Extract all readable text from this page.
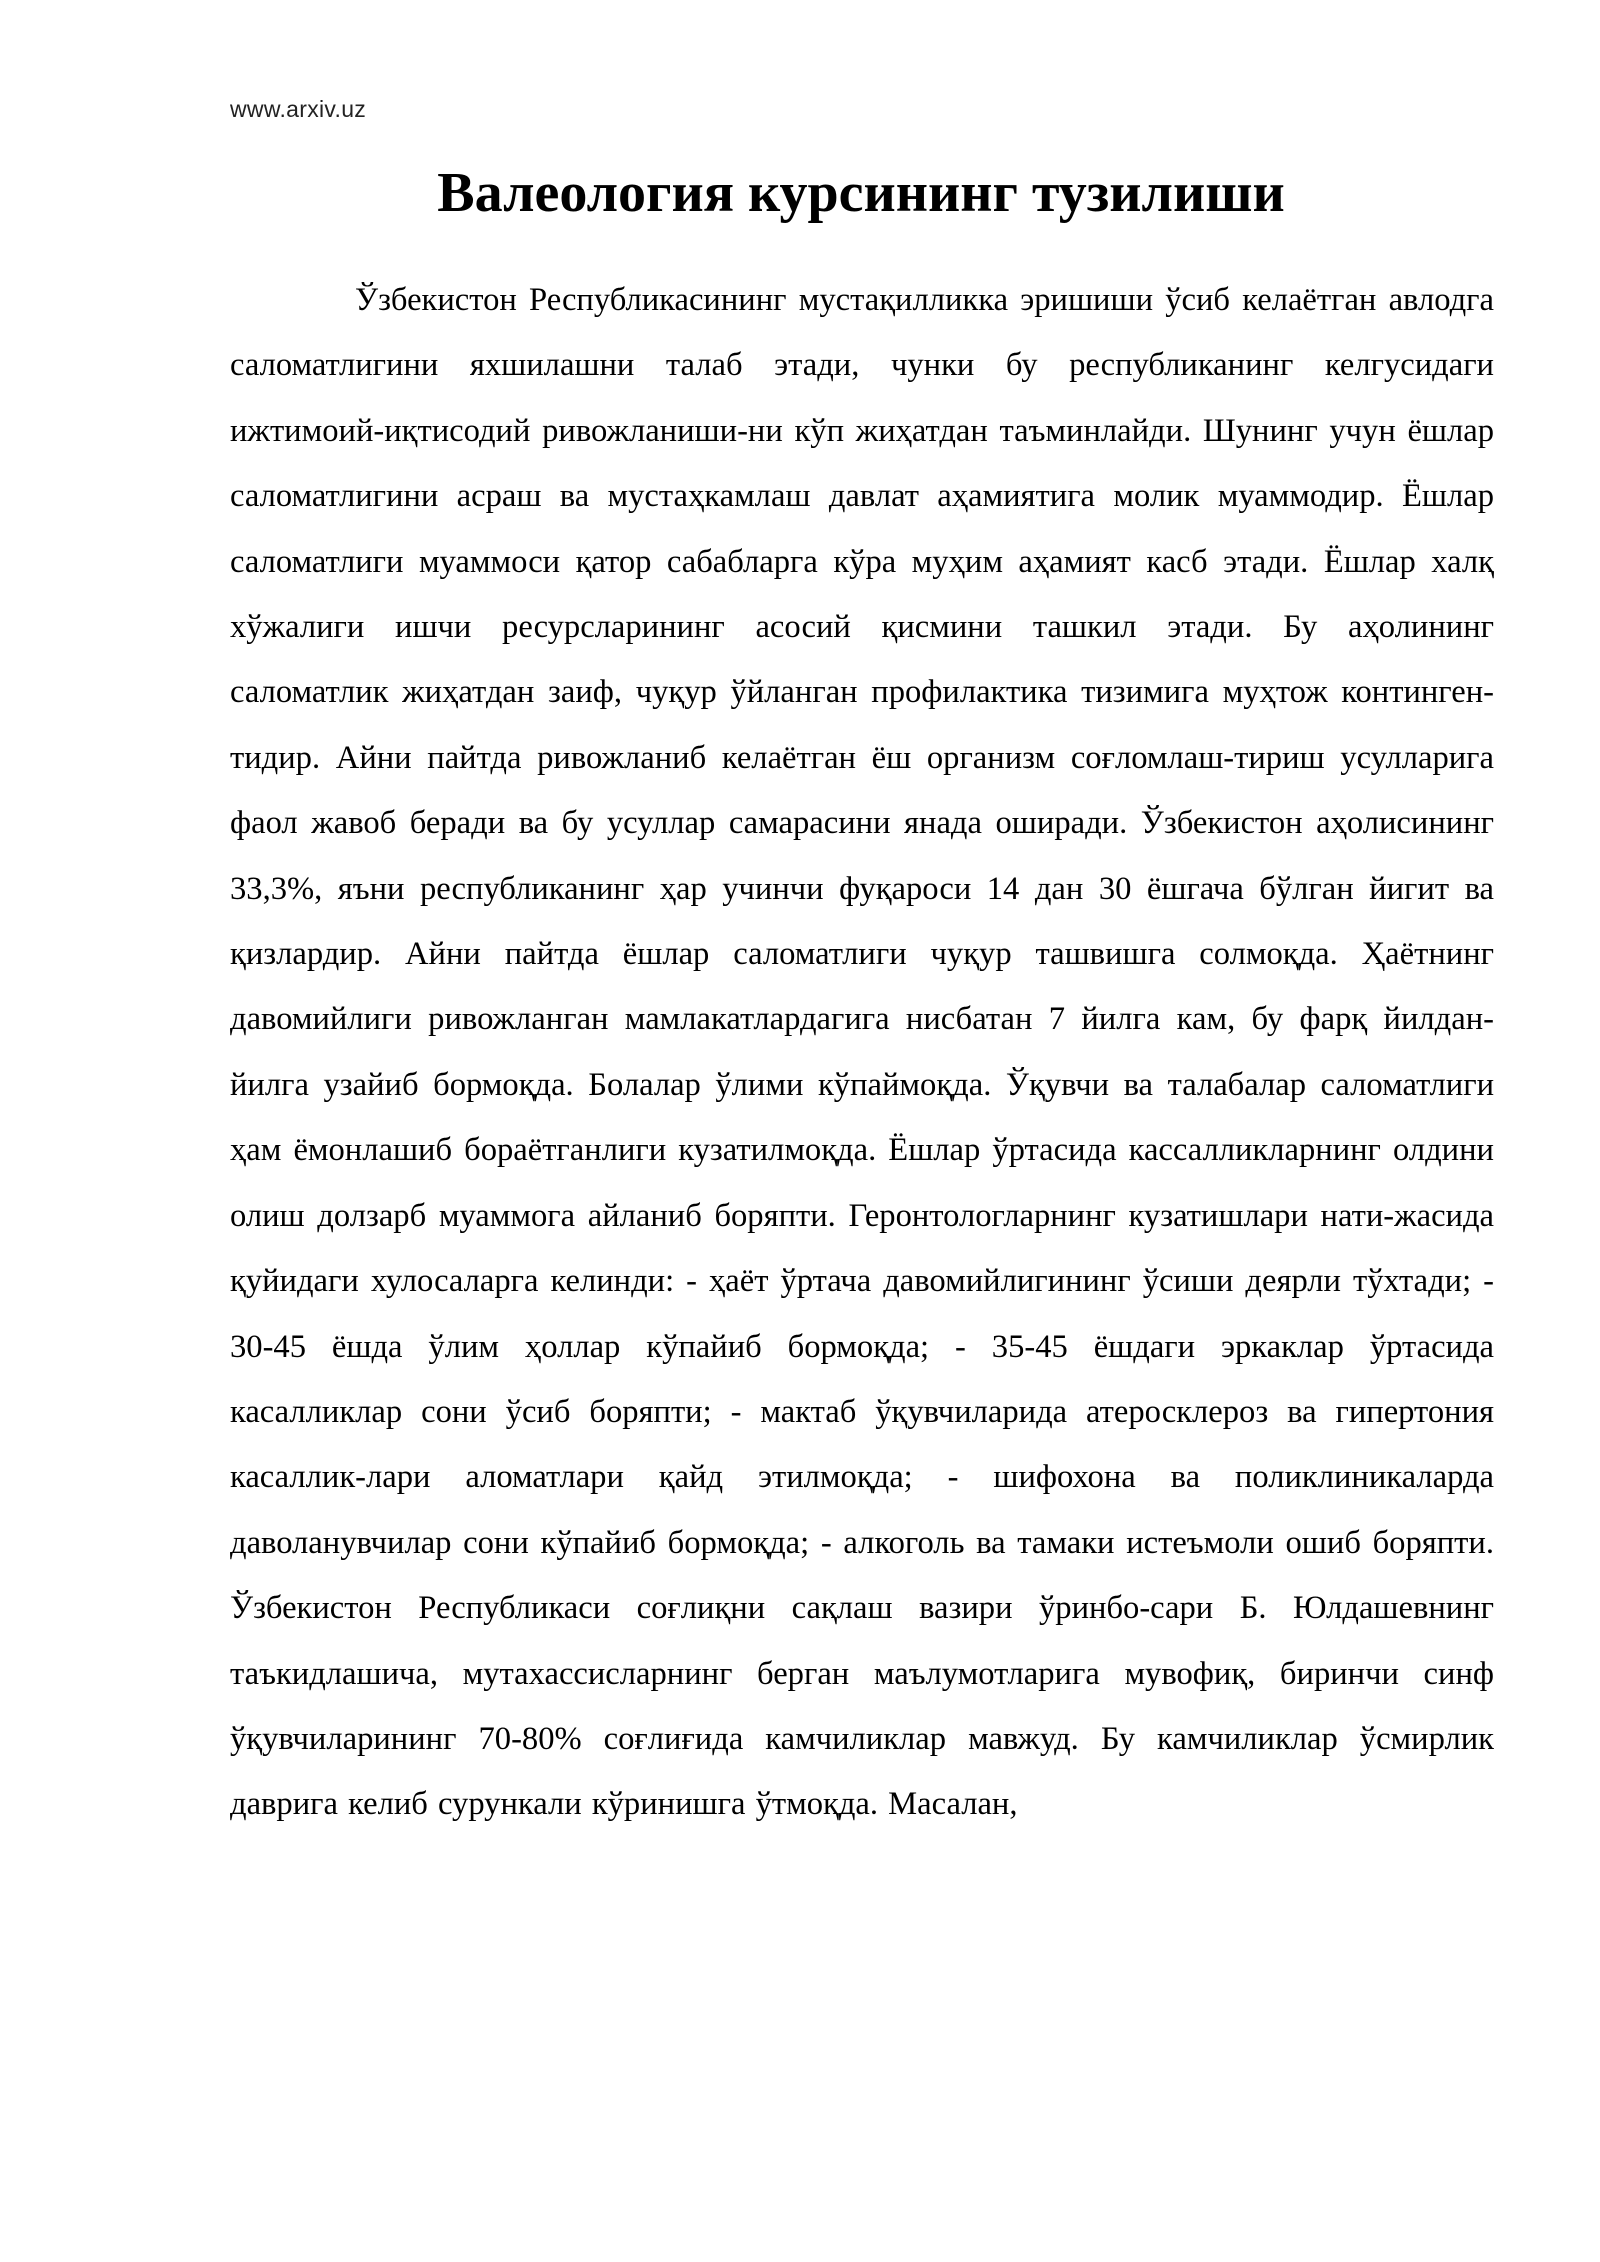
www.arxiv.uz
Валеология курсининг тузилиши

Ўзбекистон Республикасининг мустақилликка эришиши ўсиб келаётган авлодга саломатлигини яхшилашни талаб этади, чунки бу республиканинг келгусидаги ижтимоий-иқтисодий ривожланиши-ни кўп жиҳатдан таъминлайди. Шунинг учун ёшлар саломатлигини асраш ва мустаҳкамлаш давлат аҳамиятига молик муаммодир. Ёшлар саломатлиги муаммоси қатор сабабларга кўра муҳим аҳамият касб этади. Ёшлар халқ хўжалиги ишчи ресурсларининг асосий қисмини ташкил этади. Бу аҳолининг саломатлик жиҳатдан заиф, чуқур ўйланган профилактика тизимига муҳтож континген-тидир. Айни пайтда ривожланиб келаётган ёш организм соғломлаш-тириш усулларига фаол жавоб беради ва бу усуллар самарасини янада оширади. Ўзбекистон аҳолисининг 33,3%, яъни республиканинг ҳар учинчи фуқароси 14 дан 30 ёшгача бўлган йигит ва қизлардир. Айни пайтда ёшлар саломатлиги чуқур ташвишга солмоқда. Ҳаётнинг давомийлиги ривожланган мамлакатлардагига нисбатан 7 йилга кам, бу фарқ йилдан-йилга узайиб бормоқда. Болалар ўлими кўпаймоқда. Ўқувчи ва талабалар саломатлиги ҳам ёмонлашиб бораётганлиги кузатилмоқда. Ёшлар ўртасида кассалликларнинг олдини олиш долзарб муаммога айланиб боряпти. Геронтологларнинг кузатишлари нати-жасида қуйидаги хулосаларга келинди: - ҳаёт ўртача давомийлигининг ўсиши деярли тўхтади; - 30-45 ёшда ўлим ҳоллар кўпайиб бормоқда; - 35-45 ёшдаги эркаклар ўртасида касалликлар сони ўсиб боряпти; - мактаб ўқувчиларида атеросклероз ва гипертония касаллик-лари аломатлари қайд этилмоқда; - шифохона ва поликлиникаларда даволанувчилар сони кўпайиб бормоқда; - алкоголь ва тамаки истеъмоли ошиб боряпти. Ўзбекистон Республикаси соғлиқни сақлаш вазири ўринбо-сари Б. Юлдашевнинг таъкидлашича, мутахассисларнинг берган маълумотларига мувофиқ, биринчи синф ўқувчиларининг 70-80% соғлиғида камчиликлар мавжуд. Бу камчиликлар ўсмирлик даврига келиб сурункали кўринишга ўтмоқда. Масалан,
